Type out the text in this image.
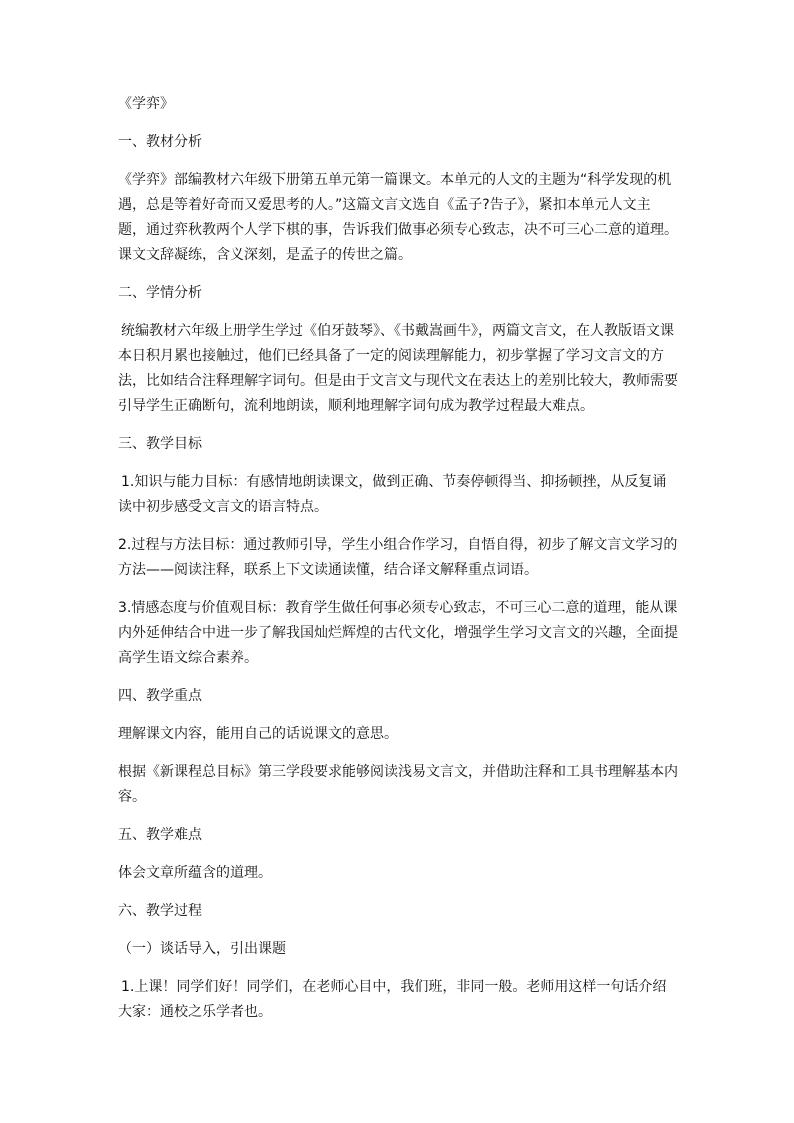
《学弈》

一、教材分析

《学弈》部编教材六年级下册第五单元第一篇课文。本单元的人文的主题为“科学发现的机遇，总是等着好奇而又爱思考的人。”这篇文言文选自《孟子?告子》，紧扣本单元人文主题，通过弈秋教两个人学下棋的事，告诉我们做事必须专心致志，决不可三心二意的道理。课文文辞凝练，含义深刻，是孟子的传世之篇。

二、学情分析

统编教材六年级上册学生学过《伯牙鼓琴》、《书戴嵩画牛》，两篇文言文，在人教版语文课本日积月累也接触过，他们已经具备了一定的阅读理解能力，初步掌握了学习文言文的方法，比如结合注释理解字词句。但是由于文言文与现代文在表达上的差别比较大，教师需要引导学生正确断句，流利地朗读，顺利地理解字词句成为教学过程最大难点。

三、教学目标

1.知识与能力目标：有感情地朗读课文，做到正确、节奏停顿得当、抑扬顿挫，从反复诵读中初步感受文言文的语言特点。

2.过程与方法目标：通过教师引导，学生小组合作学习，自悟自得，初步了解文言文学习的方法——阅读注释，联系上下文读通读懂，结合译文解释重点词语。

3.情感态度与价值观目标：教育学生做任何事必须专心致志，不可三心二意的道理，能从课内外延伸结合中进一步了解我国灿烂辉煌的古代文化，增强学生学习文言文的兴趣，全面提高学生语文综合素养。

四、教学重点

理解课文内容，能用自己的话说课文的意思。

根据《新课程总目标》第三学段要求能够阅读浅易文言文，并借助注释和工具书理解基本内容。

五、教学难点

体会文章所蕴含的道理。

六、教学过程

（一）谈话导入，引出课题

1.上课！同学们好！同学们，在老师心目中，我们班，非同一般。老师用这样一句话介绍大家：通校之乐学者也。
